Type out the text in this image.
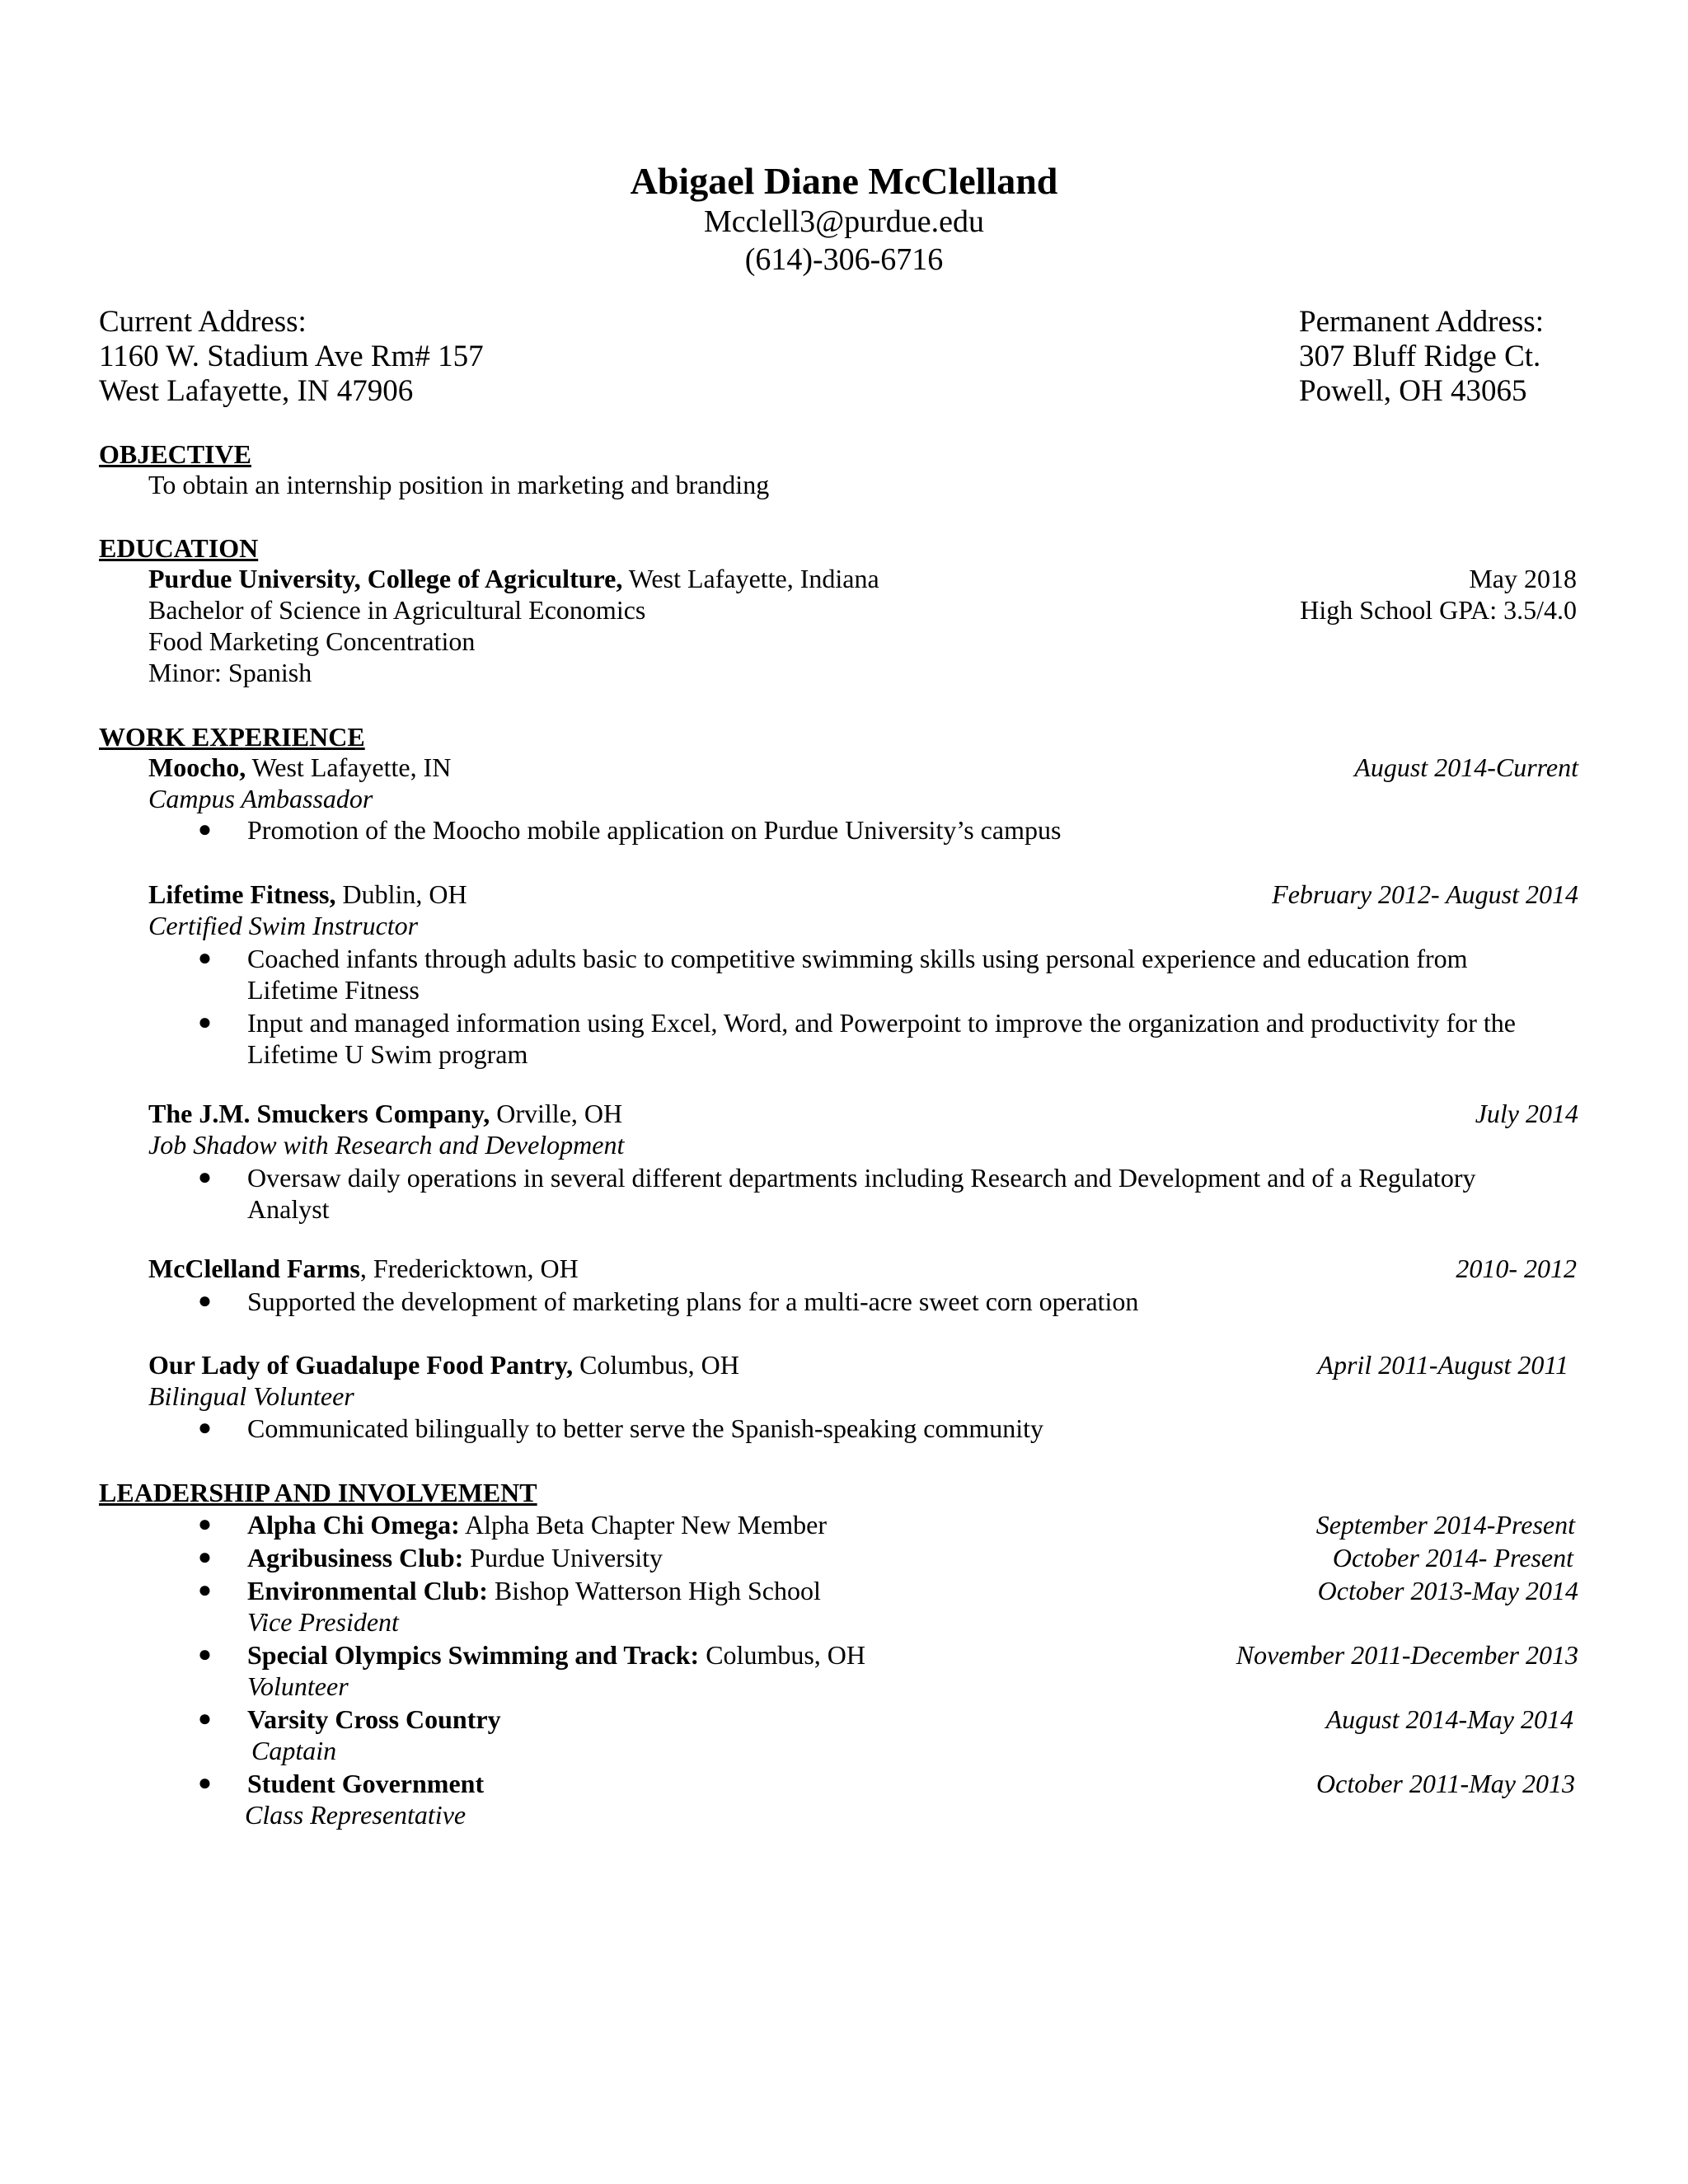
Abigael Diane McClelland
Mcclell3@purdue.edu
(614)-306-6716
Current Address:
1160 W. Stadium Ave Rm# 157
West Lafayette, IN 47906
Permanent Address:
307 Bluff Ridge Ct.
Powell, OH 43065
OBJECTIVE
To obtain an internship position in marketing and branding
EDUCATION
Purdue University, College of Agriculture, West Lafayette, Indiana	May 2018
Bachelor of Science in Agricultural Economics	High School GPA: 3.5/4.0
Food Marketing Concentration
Minor: Spanish
WORK EXPERIENCE
Moocho, West Lafayette, IN	August 2014-Current
Campus Ambassador
● Promotion of the Moocho mobile application on Purdue University’s campus
Lifetime Fitness, Dublin, OH	February 2012- August 2014
Certified Swim Instructor
● Coached infants through adults basic to competitive swimming skills using personal experience and education from
Lifetime Fitness
● Input and managed information using Excel, Word, and Powerpoint to improve the organization and productivity for the
Lifetime U Swim program
The J.M. Smuckers Company, Orville, OH	July 2014
Job Shadow with Research and Development
● Oversaw daily operations in several different departments including Research and Development and of a Regulatory
Analyst
McClelland Farms, Fredericktown, OH	2010- 2012
● Supported the development of marketing plans for a multi-acre sweet corn operation
Our Lady of Guadalupe Food Pantry, Columbus, OH	April 2011-August 2011
Bilingual Volunteer
● Communicated bilingually to better serve the Spanish-speaking community
LEADERSHIP AND INVOLVEMENT
● Alpha Chi Omega: Alpha Beta Chapter New Member	September 2014-Present
● Agribusiness Club: Purdue University	October 2014- Present
● Environmental Club: Bishop Watterson High School	October 2013-May 2014
Vice President
● Special Olympics Swimming and Track: Columbus, OH	November 2011-December 2013
Volunteer
● Varsity Cross Country	August 2014-May 2014
Captain
● Student Government	October 2011-May 2013
Class Representative
